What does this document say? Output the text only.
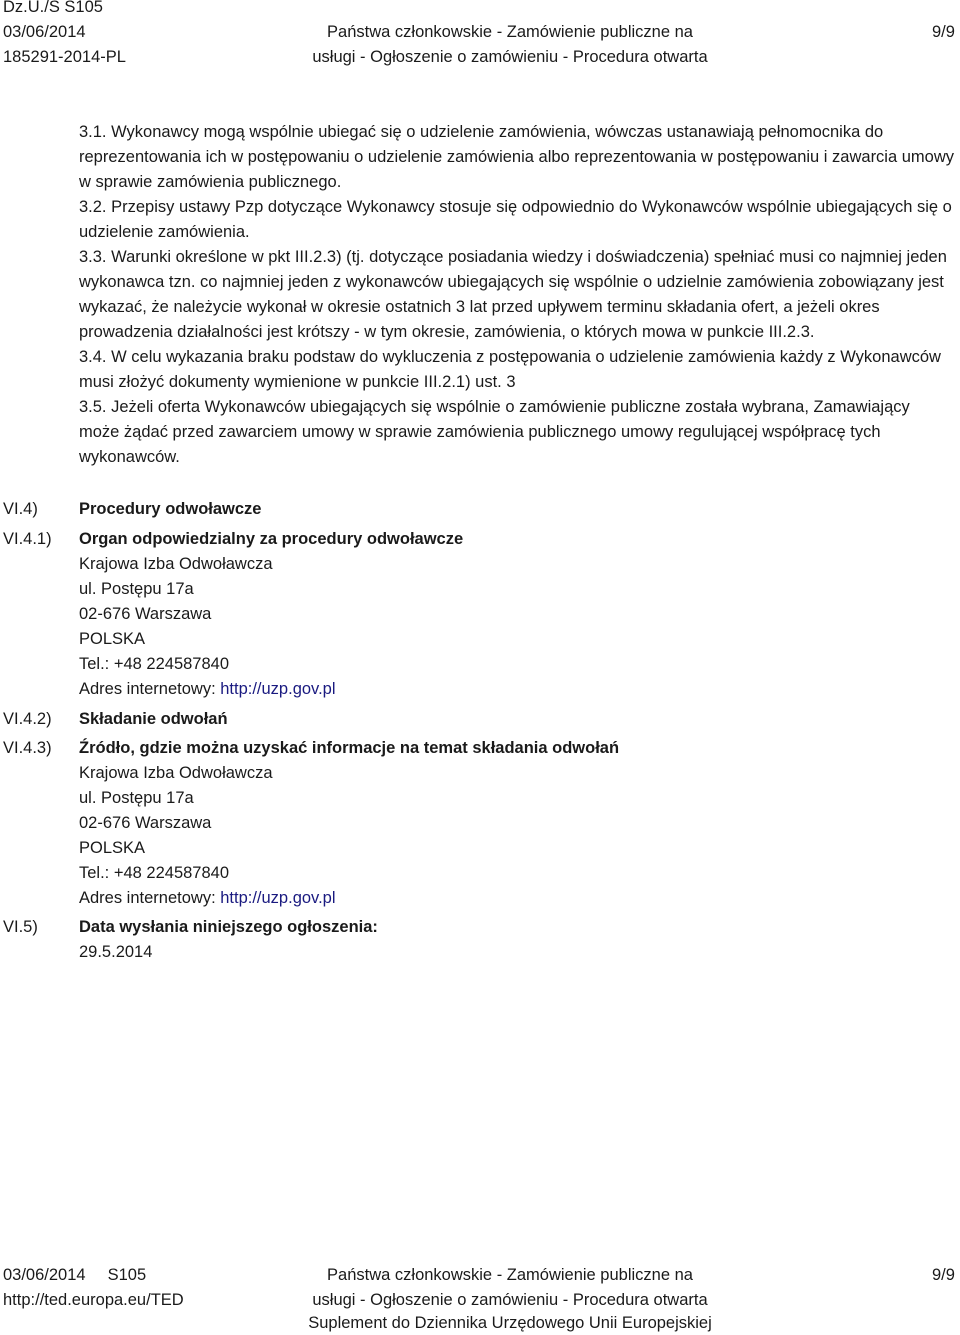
Dz.U./S S105
03/06/2014
185291-2014-PL
Państwa członkowskie - Zamówienie publiczne na
usługi - Ogłoszenie o zamówieniu - Procedura otwarta
9/9

3.1. Wykonawcy mogą wspólnie ubiegać się o udzielenie zamówienia, wówczas ustanawiają pełnomocnika do reprezentowania ich w postępowaniu o udzielenie zamówienia albo reprezentowania w postępowaniu i zawarcia umowy w sprawie zamówienia publicznego.

3.2. Przepisy ustawy Pzp dotyczące Wykonawcy stosuje się odpowiednio do Wykonawców wspólnie ubiegających się o udzielenie zamówienia.

3.3. Warunki określone w pkt III.2.3) (tj. dotyczące posiadania wiedzy i doświadczenia) spełniać musi co najmniej jeden wykonawca tzn. co najmniej jeden z wykonawców ubiegających się wspólnie o udzielnie zamówienia zobowiązany jest wykazać, że należycie wykonał w okresie ostatnich 3 lat przed upływem terminu składania ofert, a jeżeli okres prowadzenia działalności jest krótszy - w tym okresie, zamówienia, o których mowa w punkcie III.2.3.

3.4. W celu wykazania braku podstaw do wykluczenia z postępowania o udzielenie zamówienia każdy z Wykonawców musi złożyć dokumenty wymienione w punkcie III.2.1) ust. 3

3.5. Jeżeli oferta Wykonawców ubiegających się wspólnie o zamówienie publiczne została wybrana, Zamawiający może żądać przed zawarciem umowy w sprawie zamówienia publicznego umowy regulującej współpracę tych wykonawców.

VI.4) Procedury odwoławcze
VI.4.1) Organ odpowiedzialny za procedury odwoławcze
Krajowa Izba Odwoławcza
ul. Postępu 17a
02-676 Warszawa
POLSKA
Tel.: +48 224587840
Adres internetowy: http://uzp.gov.pl
VI.4.2) Składanie odwołań
VI.4.3) Źródło, gdzie można uzyskać informacje na temat składania odwołań
Krajowa Izba Odwoławcza
ul. Postępu 17a
02-676 Warszawa
POLSKA
Tel.: +48 224587840
Adres internetowy: http://uzp.gov.pl
VI.5) Data wysłania niniejszego ogłoszenia:
29.5.2014
03/06/2014 S105
http://ted.europa.eu/TED
Państwa członkowskie - Zamówienie publiczne na
usługi - Ogłoszenie o zamówieniu - Procedura otwarta
Suplement do Dziennika Urzędowego Unii Europejskiej
9/9
